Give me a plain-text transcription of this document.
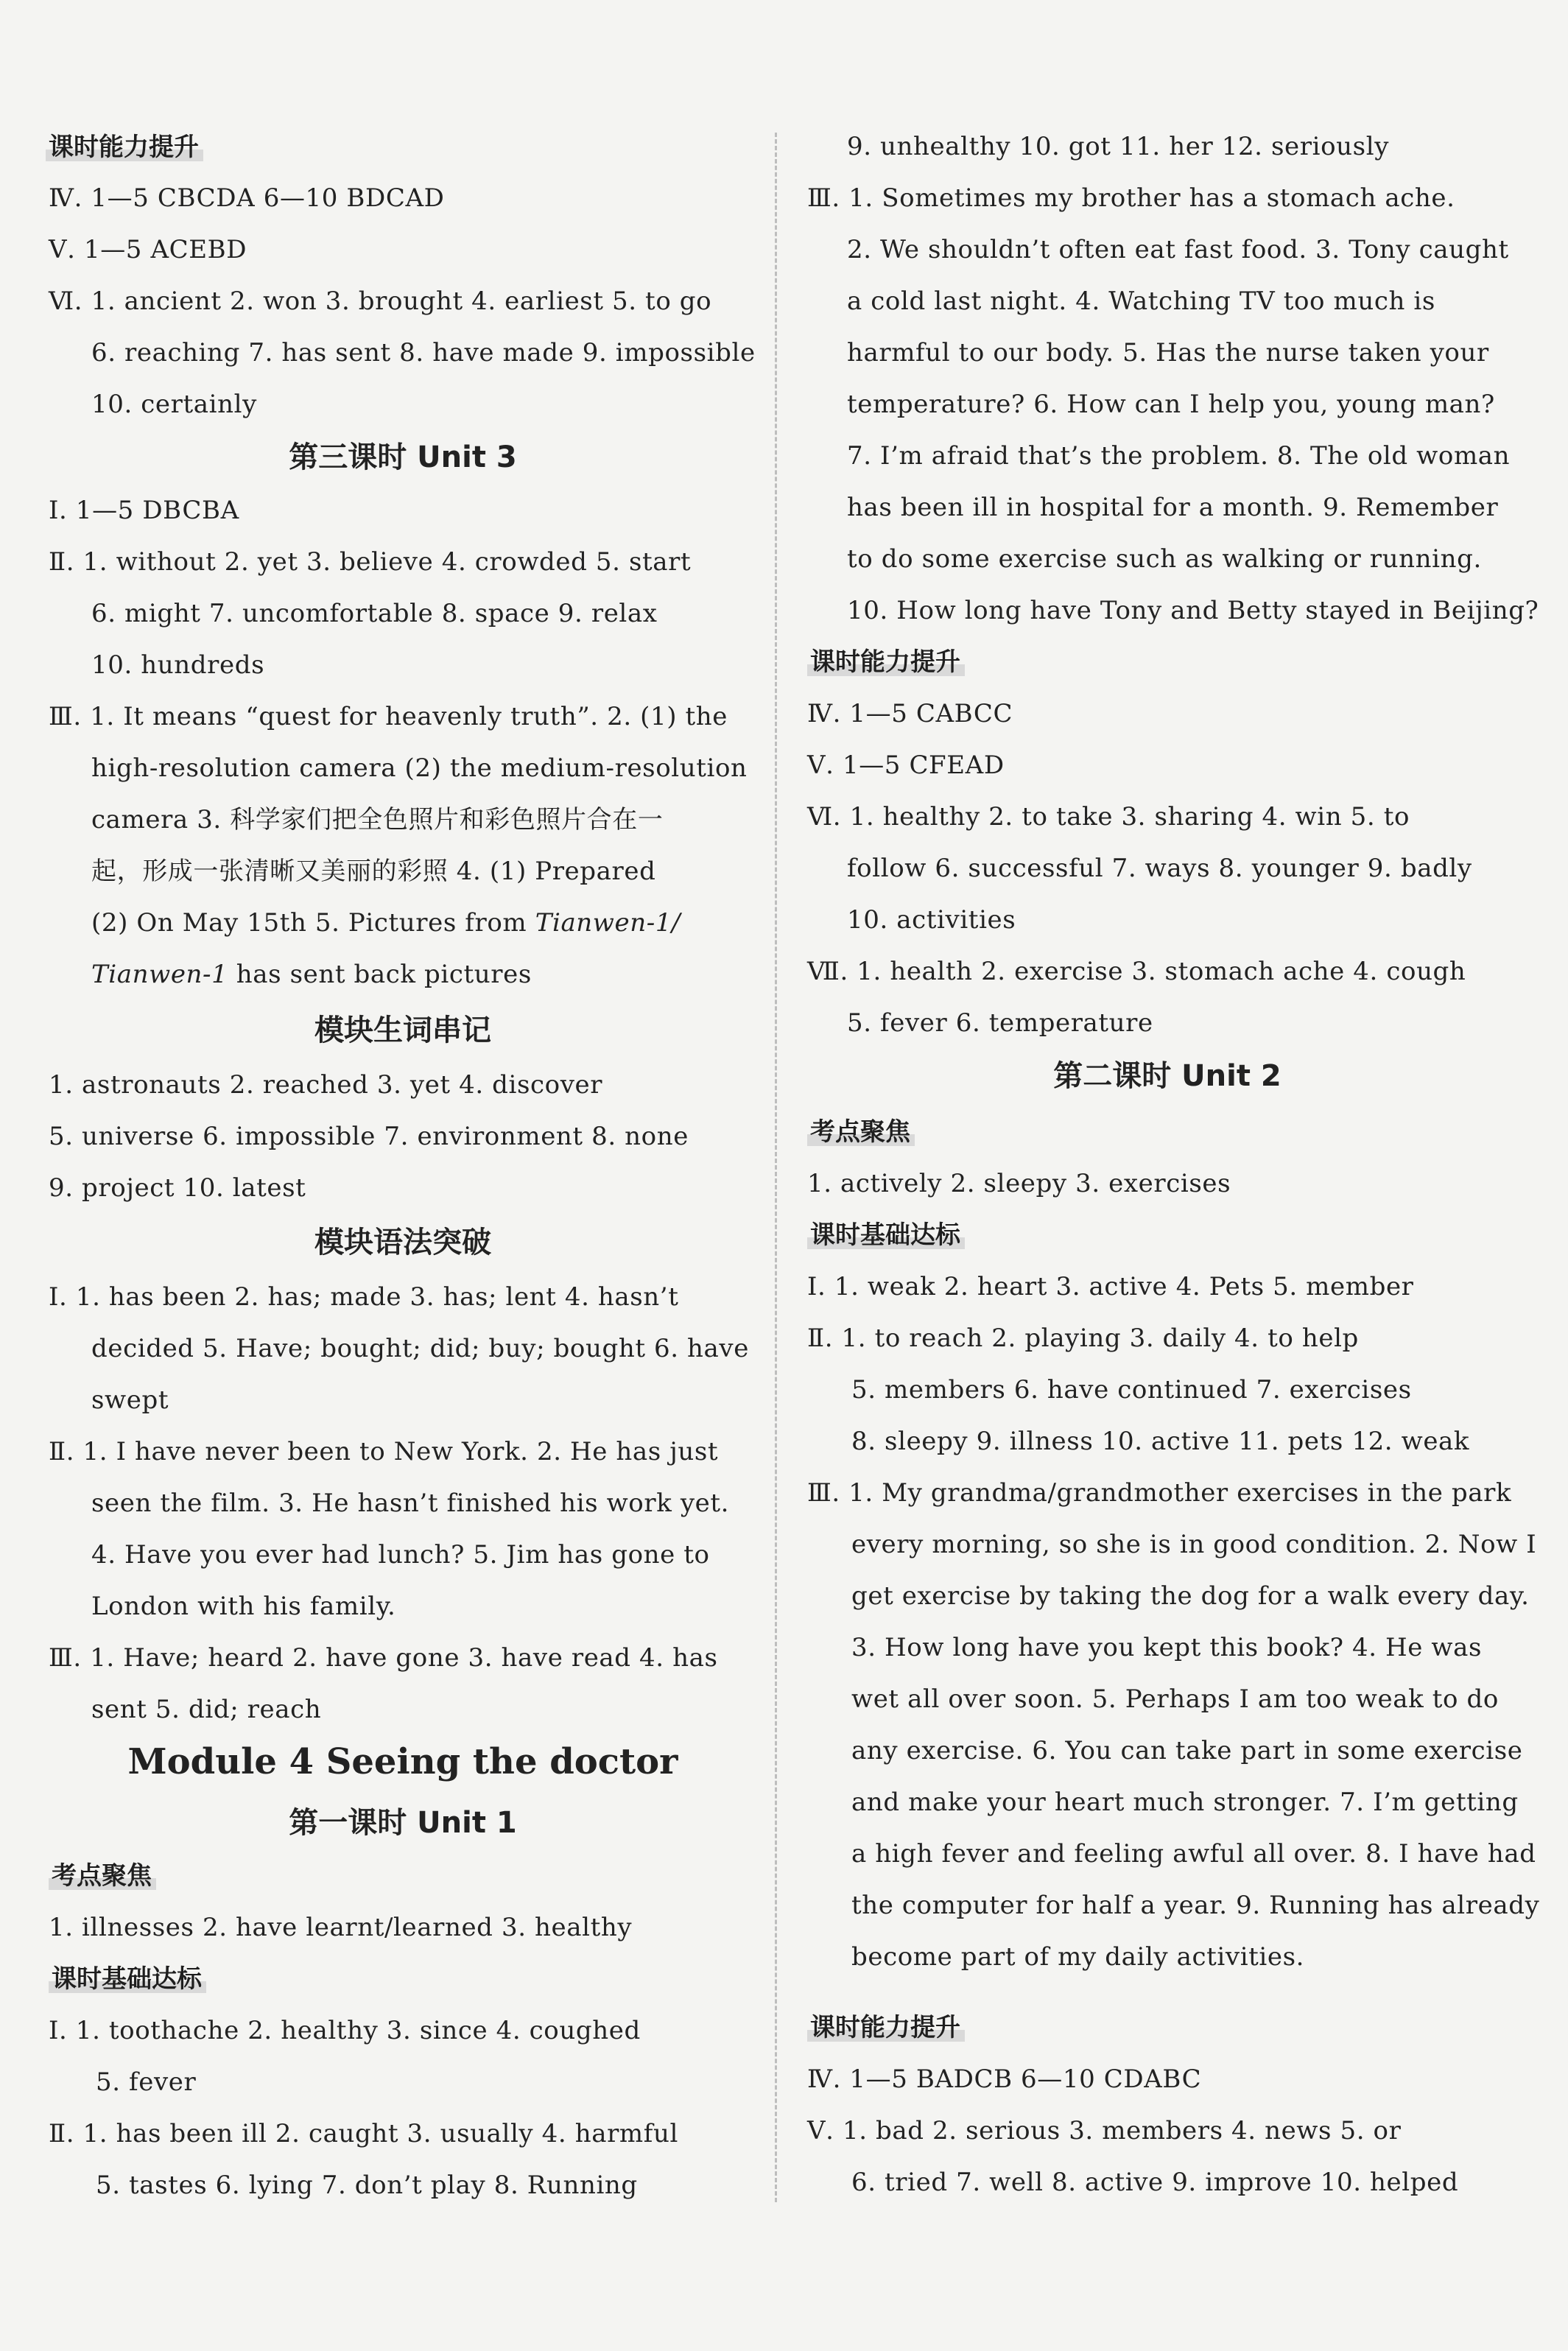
课时能力提升
Ⅳ. 1—5 CBCDA 6—10 BDCAD
Ⅴ. 1—5 ACEBD
Ⅵ. 1. ancient 2. won 3. brought 4. earliest 5. to go
6. reaching 7. has sent 8. have made 9. impossible
10. certainly
第三课时 Unit 3
Ⅰ. 1—5 DBCBA
Ⅱ. 1. without 2. yet 3. believe 4. crowded 5. start
6. might 7. uncomfortable 8. space 9. relax
10. hundreds
Ⅲ. 1. It means “quest for heavenly truth”. 2. (1) the
high-resolution camera (2) the medium-resolution
camera 3. 科学家们把全色照片和彩色照片合在一
起，形成一张清晰又美丽的彩照 4. (1) Prepared
(2) On May 15th 5. Pictures from Tianwen-1/
Tianwen-1 has sent back pictures
模块生词串记
1. astronauts 2. reached 3. yet 4. discover
5. universe 6. impossible 7. environment 8. none
9. project 10. latest
模块语法突破
Ⅰ. 1. has been 2. has; made 3. has; lent 4. hasn’t
decided 5. Have; bought; did; buy; bought 6. have
swept
Ⅱ. 1. I have never been to New York. 2. He has just
seen the film. 3. He hasn’t finished his work yet.
4. Have you ever had lunch? 5. Jim has gone to
London with his family.
Ⅲ. 1. Have; heard 2. have gone 3. have read 4. has
sent 5. did; reach
Module 4 Seeing the doctor
第一课时 Unit 1
考点聚焦
1. illnesses 2. have learnt/learned 3. healthy
课时基础达标
Ⅰ. 1. toothache 2. healthy 3. since 4. coughed
5. fever
Ⅱ. 1. has been ill 2. caught 3. usually 4. harmful
5. tastes 6. lying 7. don’t play 8. Running
9. unhealthy 10. got 11. her 12. seriously
Ⅲ. 1. Sometimes my brother has a stomach ache.
2. We shouldn’t often eat fast food. 3. Tony caught
a cold last night. 4. Watching TV too much is
harmful to our body. 5. Has the nurse taken your
temperature? 6. How can I help you, young man?
7. I’m afraid that’s the problem. 8. The old woman
has been ill in hospital for a month. 9. Remember
to do some exercise such as walking or running.
10. How long have Tony and Betty stayed in Beijing?
课时能力提升
Ⅳ. 1—5 CABCC
Ⅴ. 1—5 CFEAD
Ⅵ. 1. healthy 2. to take 3. sharing 4. win 5. to
follow 6. successful 7. ways 8. younger 9. badly
10. activities
Ⅶ. 1. health 2. exercise 3. stomach ache 4. cough
5. fever 6. temperature
第二课时 Unit 2
考点聚焦
1. actively 2. sleepy 3. exercises
课时基础达标
Ⅰ. 1. weak 2. heart 3. active 4. Pets 5. member
Ⅱ. 1. to reach 2. playing 3. daily 4. to help
5. members 6. have continued 7. exercises
8. sleepy 9. illness 10. active 11. pets 12. weak
Ⅲ. 1. My grandma/grandmother exercises in the park
every morning, so she is in good condition. 2. Now I
get exercise by taking the dog for a walk every day.
3. How long have you kept this book? 4. He was
wet all over soon. 5. Perhaps I am too weak to do
any exercise. 6. You can take part in some exercise
and make your heart much stronger. 7. I’m getting
a high fever and feeling awful all over. 8. I have had
the computer for half a year. 9. Running has already
become part of my daily activities.
课时能力提升
Ⅳ. 1—5 BADCB 6—10 CDABC
Ⅴ. 1. bad 2. serious 3. members 4. news 5. or
6. tried 7. well 8. active 9. improve 10. helped
